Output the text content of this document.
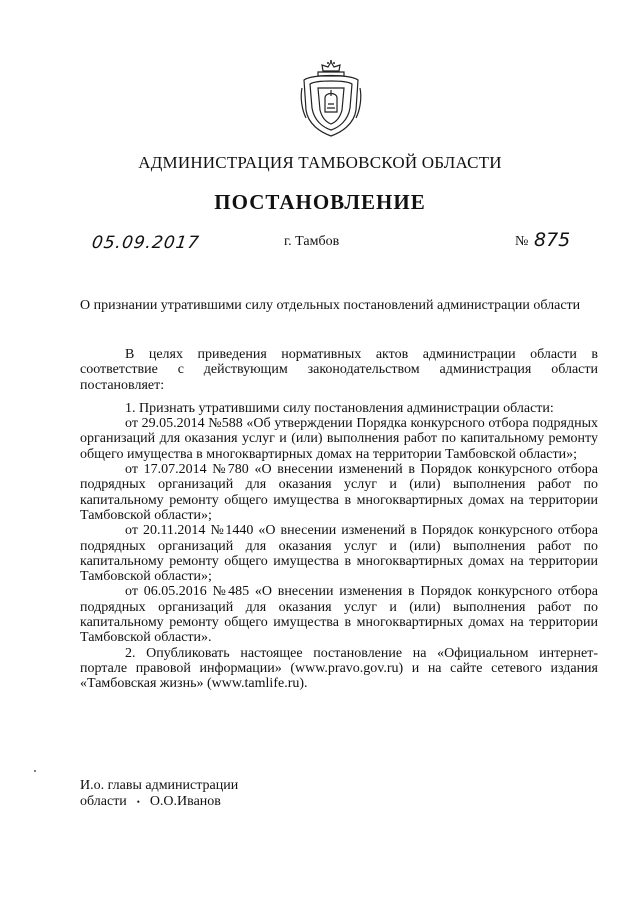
АДМИНИСТРАЦИЯ ТАМБОВСКОЙ ОБЛАСТИ
ПОСТАНОВЛЕНИЕ
05.09.2017	г. Тамбов	№ 875
О признании утратившими силу отдельных постановлений администрации области

В целях приведения нормативных актов администрации области в соответствие с действующим законодательством администрация области постановляет:

1. Признать утратившими силу постановления администрации области:

от 29.05.2014 №588 «Об утверждении Порядка конкурсного отбора подрядных организаций для оказания услуг и (или) выполнения работ по капитальному ремонту общего имущества в многоквартирных домах на территории Тамбовской области»;

от 17.07.2014 №780 «О внесении изменений в Порядок конкурсного отбора подрядных организаций для оказания услуг и (или) выполнения работ по капитальному ремонту общего имущества в многоквартирных домах на территории Тамбовской области»;

от 20.11.2014 №1440 «О внесении изменений в Порядок конкурсного отбора подрядных организаций для оказания услуг и (или) выполнения работ по капитальному ремонту общего имущества в многоквартирных домах на территории Тамбовской области»;

от 06.05.2016 №485 «О внесении изменения в Порядок конкурсного отбора подрядных организаций для оказания услуг и (или) выполнения работ по капитальному ремонту общего имущества в многоквартирных домах на территории Тамбовской области».

2. Опубликовать настоящее постановление на «Официальном интернет-портале правовой информации» (www.pravo.gov.ru) и на сайте сетевого издания «Тамбовская жизнь» (www.tamlife.ru).

И.о. главы администрации
области • О.О.Иванов
